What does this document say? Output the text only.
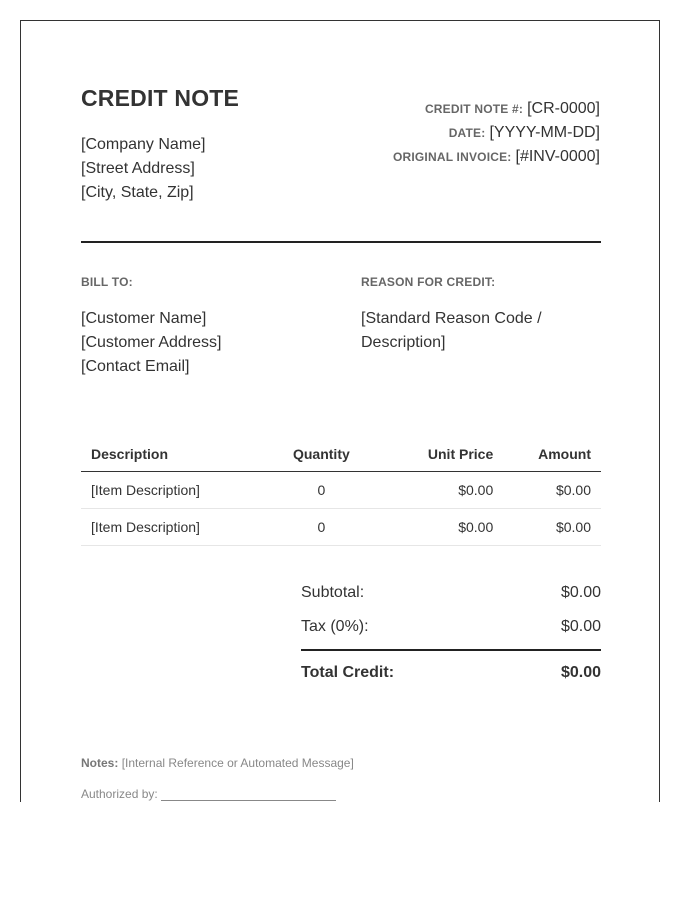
CREDIT NOTE
[Company Name]
[Street Address]
[City, State, Zip]
CREDIT NOTE #: [CR-0000]
DATE: [YYYY-MM-DD]
ORIGINAL INVOICE: [#INV-0000]
BILL TO:	REASON FOR CREDIT:
[Customer Name]
[Customer Address]
[Contact Email]
[Standard Reason Code / Description]
Description	Quantity	Unit Price	Amount
[Item Description]	0	$0.00	$0.00
[Item Description]	0	$0.00	$0.00
Subtotal:	$0.00
Tax (0%):	$0.00
Total Credit:	$0.00
Notes: [Internal Reference or Automated Message]
Authorized by:
